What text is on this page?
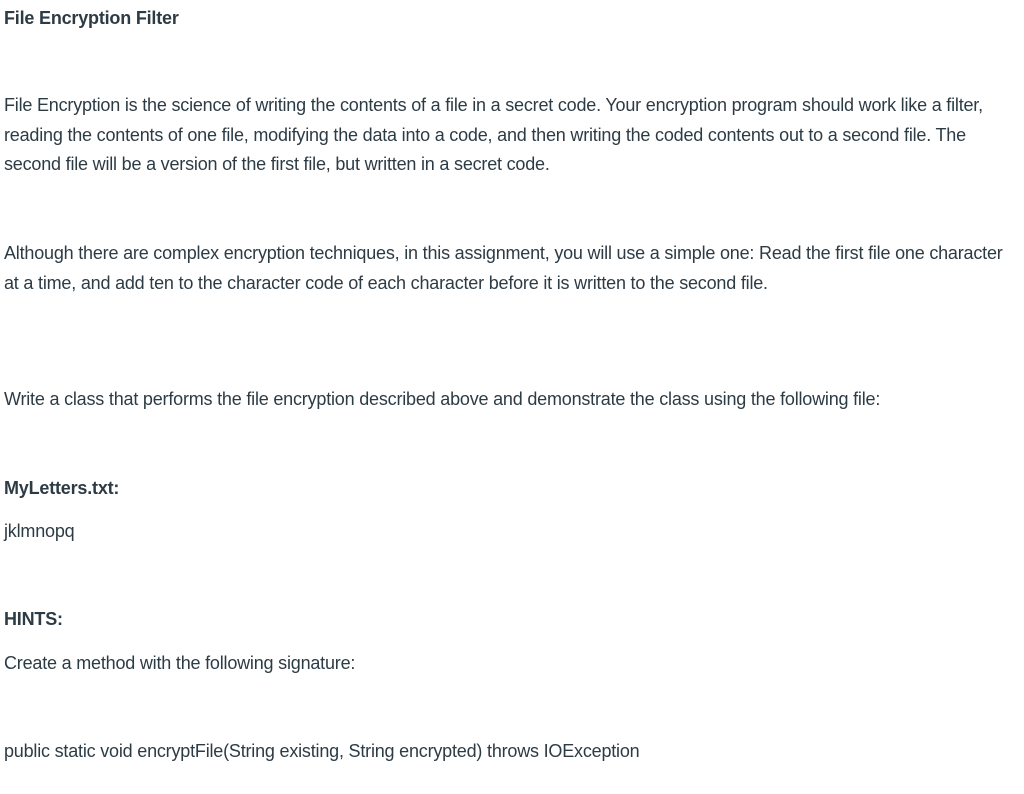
File Encryption Filter

File Encryption is the science of writing the contents of a file in a secret code. Your encryption program should work like a filter, reading the contents of one file, modifying the data into a code, and then writing the coded contents out to a second file. The second file will be a version of the first file, but written in a secret code.

Although there are complex encryption techniques, in this assignment, you will use a simple one: Read the first file one character at a time, and add ten to the character code of each character before it is written to the second file.

Write a class that performs the file encryption described above and demonstrate the class using the following file:

MyLetters.txt:

jklmnopq

HINTS:

Create a method with the following signature:

public static void encryptFile(String existing, String encrypted) throws IOException
